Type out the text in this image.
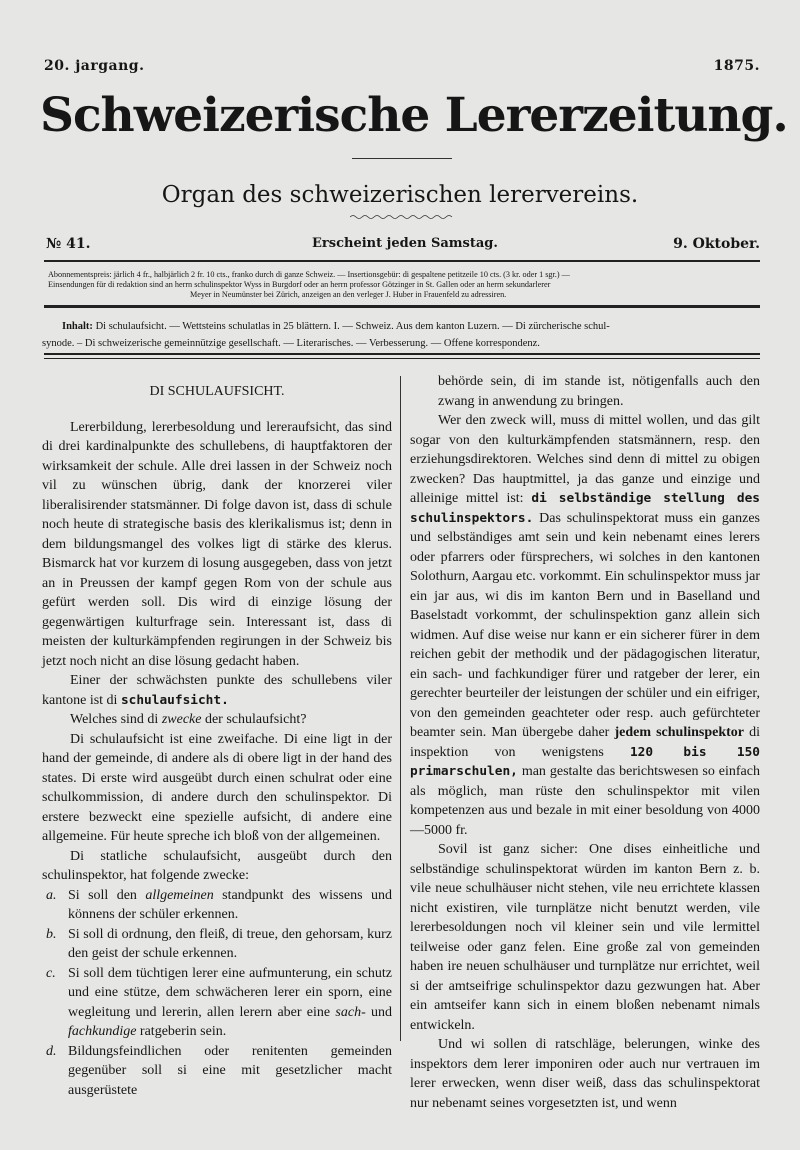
20. jargang.	1875.
Schweizerische Lererzeitung.
Organ des schweizerischen lerervereins.
№ 41.	Erscheint jeden Samstag.	9. Oktober.
Abonnementspreis: järlich 4 fr., halbjärlich 2 fr. 10 cts., franko durch di ganze Schweiz. — Insertionsgebür: di gespaltene petitzeile 10 cts. (3 kr. oder 1 sgr.) —
Einsendungen für di redaktion sind an herrn schulinspektor Wyss in Burgdorf oder an herrn professor Götzinger in St. Gallen oder an herrn sekundarlerer
Meyer in Neumünster bei Zürich, anzeigen an den verleger J. Huber in Frauenfeld zu adressiren.
Inhalt: Di schulaufsicht. — Wettsteins schulatlas in 25 blättern. I. — Schweiz. Aus dem kanton Luzern. — Di zürcherische schul-
synode. – Di schweizerische gemeinnützige gesellschaft. — Literarisches. — Verbesserung. — Offene korrespondenz.

DI SCHULAUFSICHT.

Lererbildung, lererbesoldung und lereraufsicht, das sind di drei kardinalpunkte des schullebens, di hauptfaktoren der wirksamkeit der schule. Alle drei lassen in der Schweiz noch vil zu wünschen übrig, dank der knorzerei viler liberalisirender statsmänner. Di folge davon ist, dass di schule noch heute di strategische basis des klerikalismus ist; denn in dem bildungsmangel des volkes ligt di stärke des klerus. Bismarck hat vor kurzem di losung ausgegeben, dass von jetzt an in Preussen der kampf gegen Rom von der schule aus gefürt werden soll. Dis wird di einzige lösung der gegenwärtigen kulturfrage sein. Interessant ist, dass di meisten der kulturkämpfenden regirungen in der Schweiz bis jetzt noch nicht an dise lösung gedacht haben.

Einer der schwächsten punkte des schullebens viler kantone ist di schulaufsicht.

Welches sind di zwecke der schulaufsicht?

Di schulaufsicht ist eine zweifache. Di eine ligt in der hand der gemeinde, di andere als di obere ligt in der hand des states. Di erste wird ausgeübt durch einen schulrat oder eine schulkommission, di andere durch den schulinspektor. Di erstere bezweckt eine spezielle aufsicht, di andere eine allgemeine. Für heute spreche ich bloß von der allgemeinen.

Di statliche schulaufsicht, ausgeübt durch den schulinspektor, hat folgende zwecke:

a. Si soll den allgemeinen standpunkt des wissens und könnens der schüler erkennen.
b. Si soll di ordnung, den fleiß, di treue, den gehorsam, kurz den geist der schule erkennen.
c. Si soll dem tüchtigen lerer eine aufmunterung, ein schutz und eine stütze, dem schwächeren lerer ein sporn, eine wegleitung und lererin, allen lerern aber eine sach- und fachkundige ratgeberin sein.
d. Bildungsfeindlichen oder renitenten gemeinden gegenüber soll si eine mit gesetzlicher macht ausgerüstete

behörde sein, di im stande ist, nötigenfalls auch den zwang in anwendung zu bringen.

Wer den zweck will, muss di mittel wollen, und das gilt sogar von den kulturkämpfenden statsmännern, resp. den erziehungsdirektoren. Welches sind denn di mittel zu obigen zwecken? Das hauptmittel, ja das ganze und einzige und alleinige mittel ist: di selbständige stellung des schulinspektors. Das schulinspektorat muss ein ganzes und selbständiges amt sein und kein nebenamt eines lerers oder pfarrers oder fürsprechers, wi solches in den kantonen Solothurn, Aargau etc. vorkommt. Ein schulinspektor muss jar ein jar aus, wi dis im kanton Bern und in Baselland und Baselstadt vorkommt, der schulinspektion ganz allein sich widmen. Auf dise weise nur kann er ein sicherer fürer in dem reichen gebit der methodik und der pädagogischen literatur, ein sach- und fachkundiger fürer und ratgeber der lerer, ein gerechter beurteiler der leistungen der schüler und ein eifriger, von den gemeinden geachteter oder resp. auch gefürchteter beamter sein. Man übergebe daher jedem schulinspektor di inspektion von wenigstens 120 bis 150 primarschulen, man gestalte das berichtswesen so einfach als möglich, man rüste den schulinspektor mit vilen kompetenzen aus und bezale in mit einer besoldung von 4000—5000 fr.

Sovil ist ganz sicher: One dises einheitliche und selbständige schulinspektorat würden im kanton Bern z. b. vile neue schulhäuser nicht stehen, vile neu errichtete klassen nicht existiren, vile turnplätze nicht benutzt werden, vile lererbesoldungen noch vil kleiner sein und vile lermittel teilweise oder ganz felen. Eine große zal von gemeinden haben ire neuen schulhäuser und turnplätze nur errichtet, weil si der amtseifrige schulinspektor dazu gezwungen hat. Aber ein amtseifer kann sich in einem bloßen nebenamt nimals entwickeln.

Und wi sollen di ratschläge, belerungen, winke des inspektors dem lerer imponiren oder auch nur vertrauen im lerer erwecken, wenn diser weiß, dass das schulinspektorat nur nebenamt seines vorgesetzten ist, und wenn
